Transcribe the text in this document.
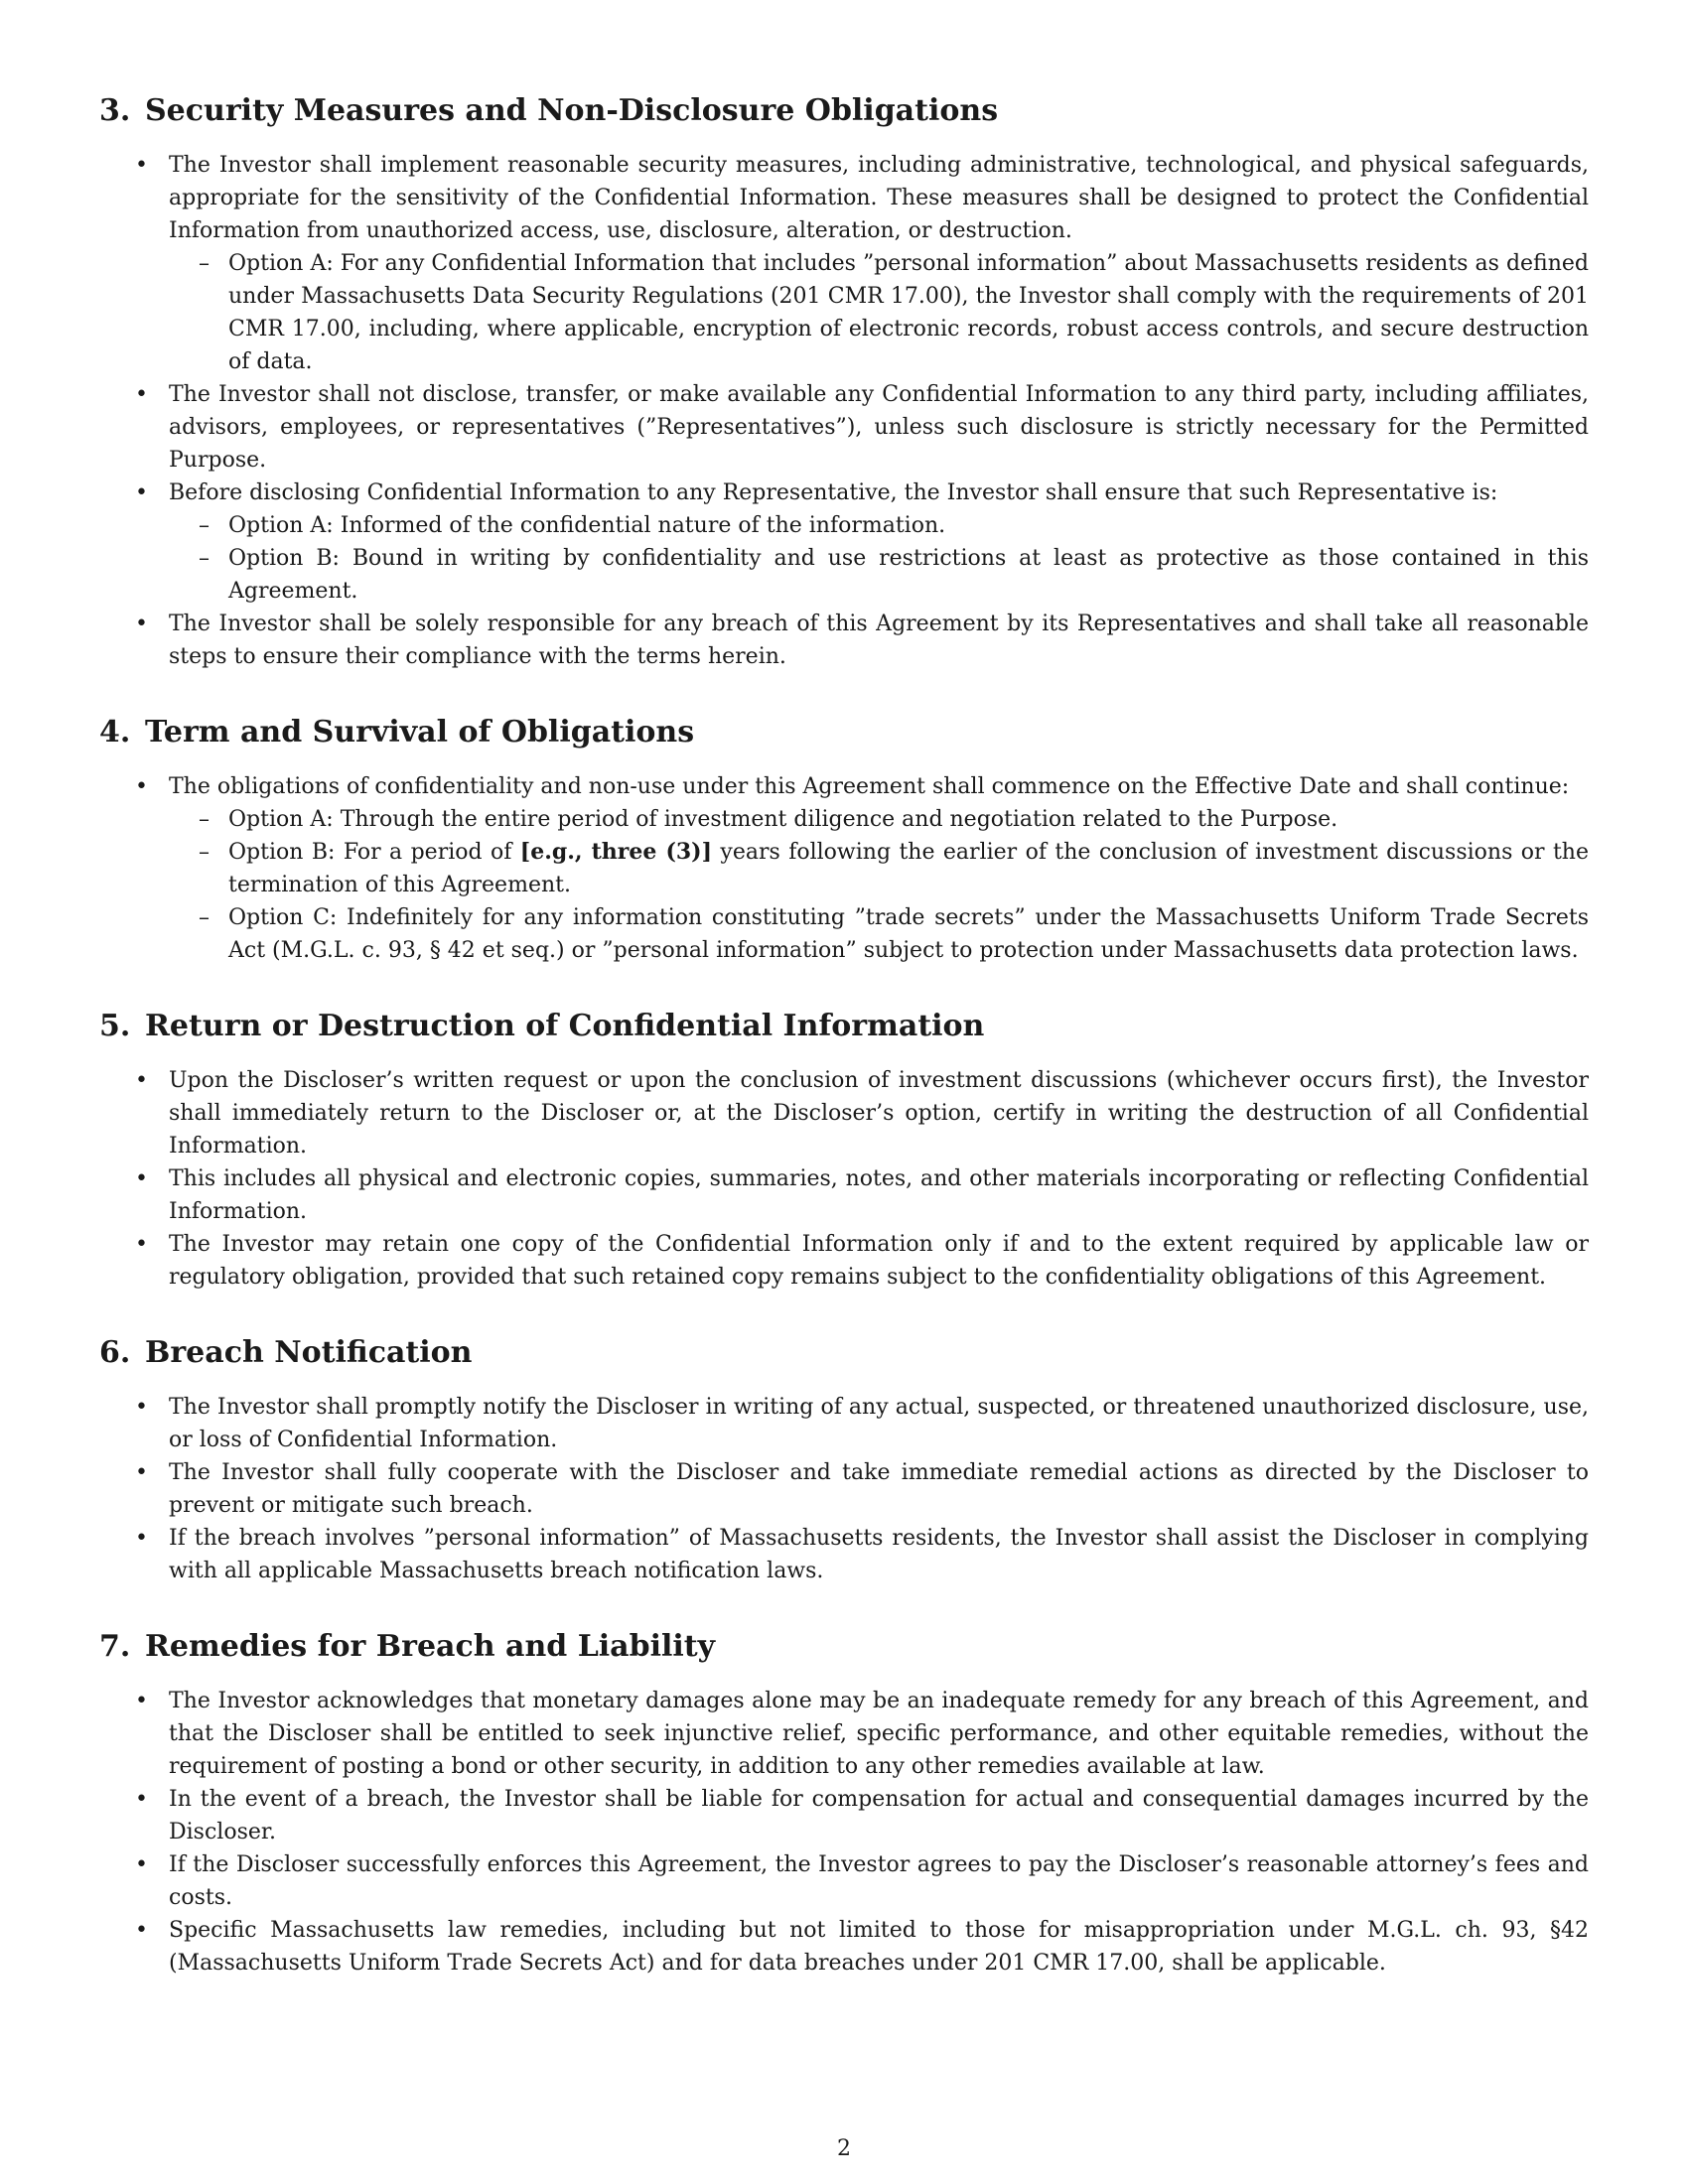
3. Security Measures and Non-Disclosure Obligations
• The Investor shall implement reasonable security measures, including administrative, technological, and physical safeguards, appropriate for the sensitivity of the Confidential Information. These measures shall be designed to protect the Confidential Information from unauthorized access, use, disclosure, alteration, or destruction.
– Option A: For any Confidential Information that includes ”personal information” about Massachusetts residents as defined under Massachusetts Data Security Regulations (201 CMR 17.00), the Investor shall comply with the requirements of 201 CMR 17.00, including, where applicable, encryption of electronic records, robust access controls, and secure destruction of data.
• The Investor shall not disclose, transfer, or make available any Confidential Information to any third party, including affiliates, advisors, employees, or representatives (”Representatives”), unless such disclosure is strictly necessary for the Permitted Purpose.
• Before disclosing Confidential Information to any Representative, the Investor shall ensure that such Representative is:
– Option A: Informed of the confidential nature of the information.
– Option B: Bound in writing by confidentiality and use restrictions at least as protective as those contained in this Agreement.
• The Investor shall be solely responsible for any breach of this Agreement by its Representatives and shall take all reasonable steps to ensure their compliance with the terms herein.
4. Term and Survival of Obligations
• The obligations of confidentiality and non-use under this Agreement shall commence on the Effective Date and shall continue:
– Option A: Through the entire period of investment diligence and negotiation related to the Purpose.
– Option B: For a period of [e.g., three (3)] years following the earlier of the conclusion of investment discussions or the termination of this Agreement.
– Option C: Indefinitely for any information constituting ”trade secrets” under the Massachusetts Uniform Trade Secrets Act (M.G.L. c. 93, § 42 et seq.) or ”personal information” subject to protection under Massachusetts data protection laws.
5. Return or Destruction of Confidential Information
• Upon the Discloser’s written request or upon the conclusion of investment discussions (whichever occurs first), the Investor shall immediately return to the Discloser or, at the Discloser’s option, certify in writing the destruction of all Confidential Information.
• This includes all physical and electronic copies, summaries, notes, and other materials incorporating or reflecting Confidential Information.
• The Investor may retain one copy of the Confidential Information only if and to the extent required by applicable law or regulatory obligation, provided that such retained copy remains subject to the confidentiality obligations of this Agreement.
6. Breach Notification
• The Investor shall promptly notify the Discloser in writing of any actual, suspected, or threatened unauthorized disclosure, use, or loss of Confidential Information.
• The Investor shall fully cooperate with the Discloser and take immediate remedial actions as directed by the Discloser to prevent or mitigate such breach.
• If the breach involves ”personal information” of Massachusetts residents, the Investor shall assist the Discloser in complying with all applicable Massachusetts breach notification laws.
7. Remedies for Breach and Liability
• The Investor acknowledges that monetary damages alone may be an inadequate remedy for any breach of this Agreement, and that the Discloser shall be entitled to seek injunctive relief, specific performance, and other equitable remedies, without the requirement of posting a bond or other security, in addition to any other remedies available at law.
• In the event of a breach, the Investor shall be liable for compensation for actual and consequential damages incurred by the Discloser.
• If the Discloser successfully enforces this Agreement, the Investor agrees to pay the Discloser’s reasonable attorney’s fees and costs.
• Specific Massachusetts law remedies, including but not limited to those for misappropriation under M.G.L. ch. 93, §42 (Massachusetts Uniform Trade Secrets Act) and for data breaches under 201 CMR 17.00, shall be applicable.
2
